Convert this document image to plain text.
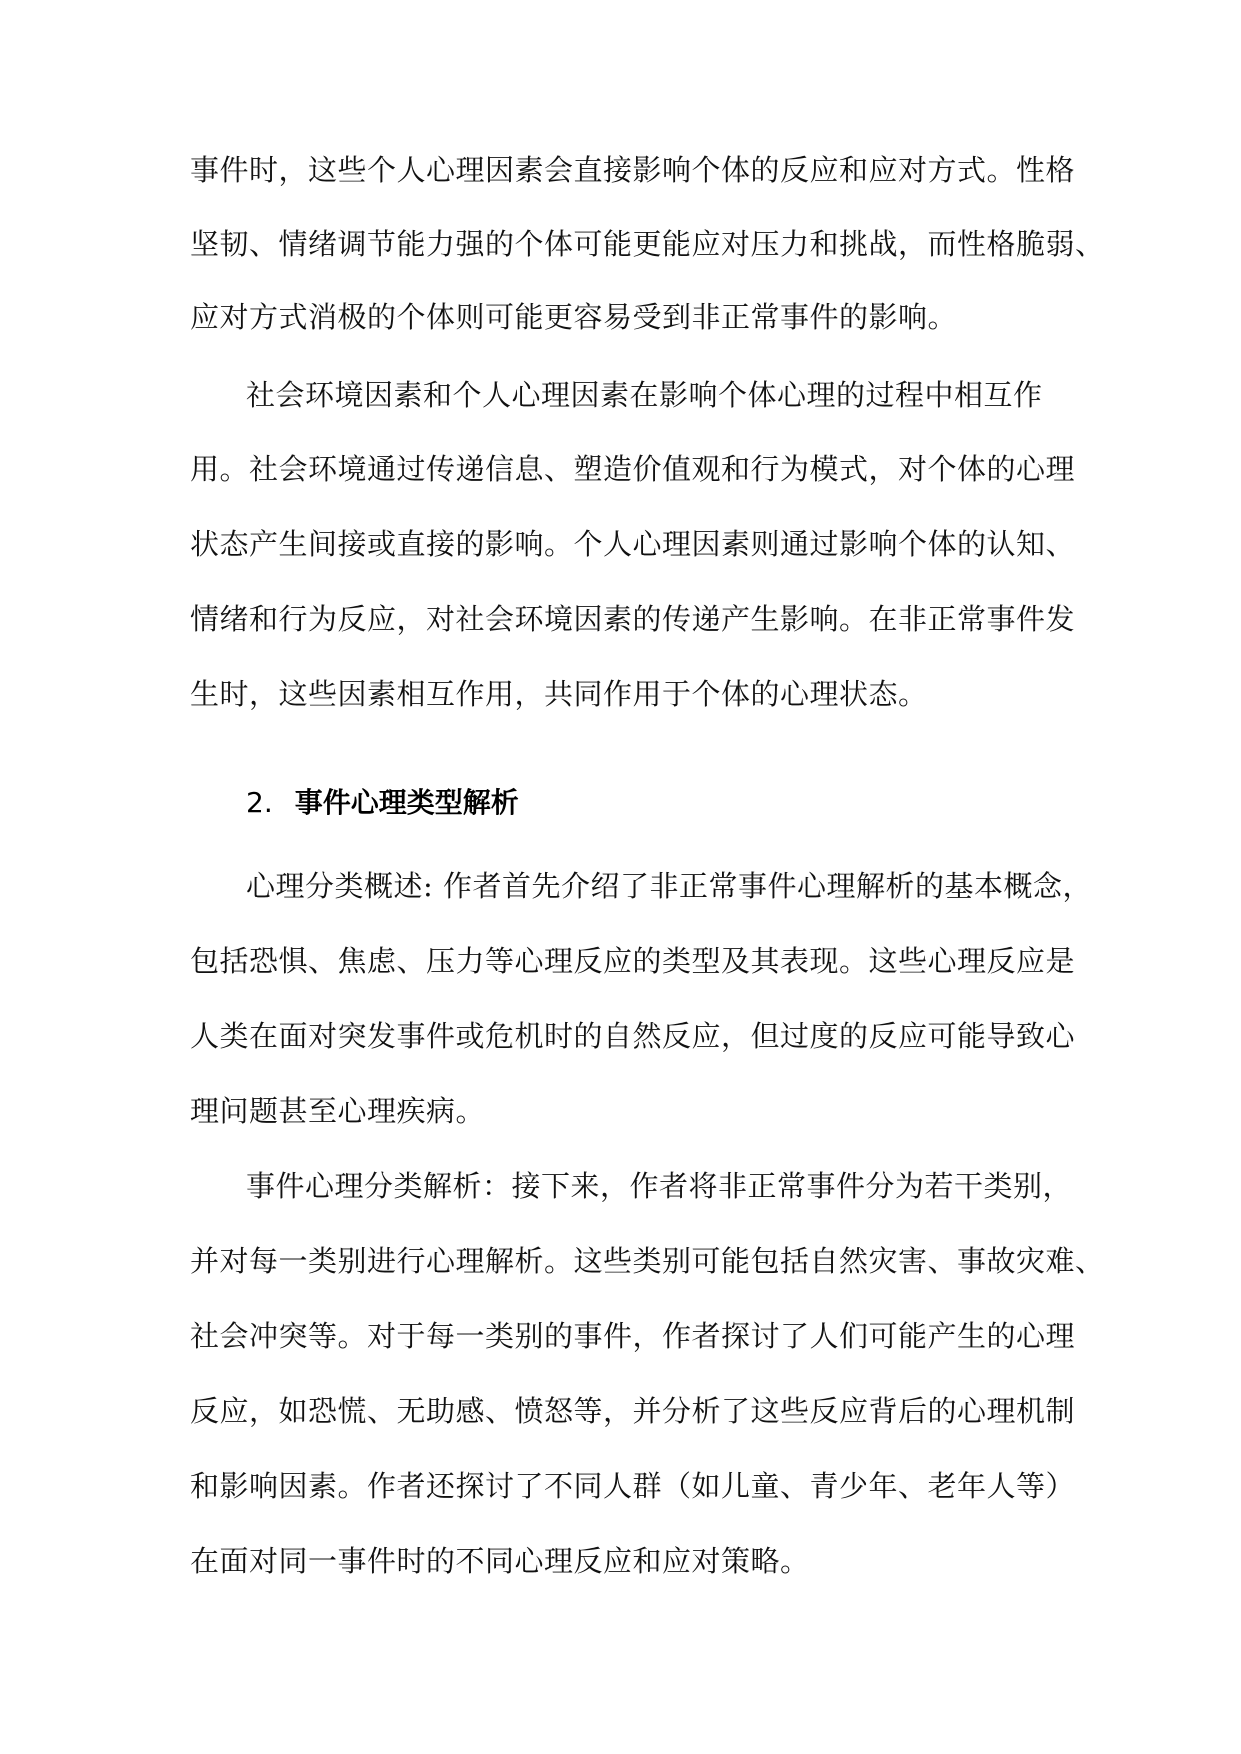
事件时，这些个人心理因素会直接影响个体的反应和应对方式。性格
坚韧、情绪调节能力强的个体可能更能应对压力和挑战，而性格脆弱、
应对方式消极的个体则可能更容易受到非正常事件的影响。
社会环境因素和个人心理因素在影响个体心理的过程中相互作
用。社会环境通过传递信息、塑造价值观和行为模式，对个体的心理
状态产生间接或直接的影响。个人心理因素则通过影响个体的认知、
情绪和行为反应，对社会环境因素的传递产生影响。在非正常事件发
生时，这些因素相互作用，共同作用于个体的心理状态。
2. 事件心理类型解析
心理分类概述: 作者首先介绍了非正常事件心理解析的基本概念，
包括恐惧、焦虑、压力等心理反应的类型及其表现。这些心理反应是
人类在面对突发事件或危机时的自然反应，但过度的反应可能导致心
理问题甚至心理疾病。
事件心理分类解析：接下来，作者将非正常事件分为若干类别，
并对每一类别进行心理解析。这些类别可能包括自然灾害、事故灾难、
社会冲突等。对于每一类别的事件，作者探讨了人们可能产生的心理
反应，如恐慌、无助感、愤怒等，并分析了这些反应背后的心理机制
和影响因素。作者还探讨了不同人群（如儿童、青少年、老年人等）
在面对同一事件时的不同心理反应和应对策略。
